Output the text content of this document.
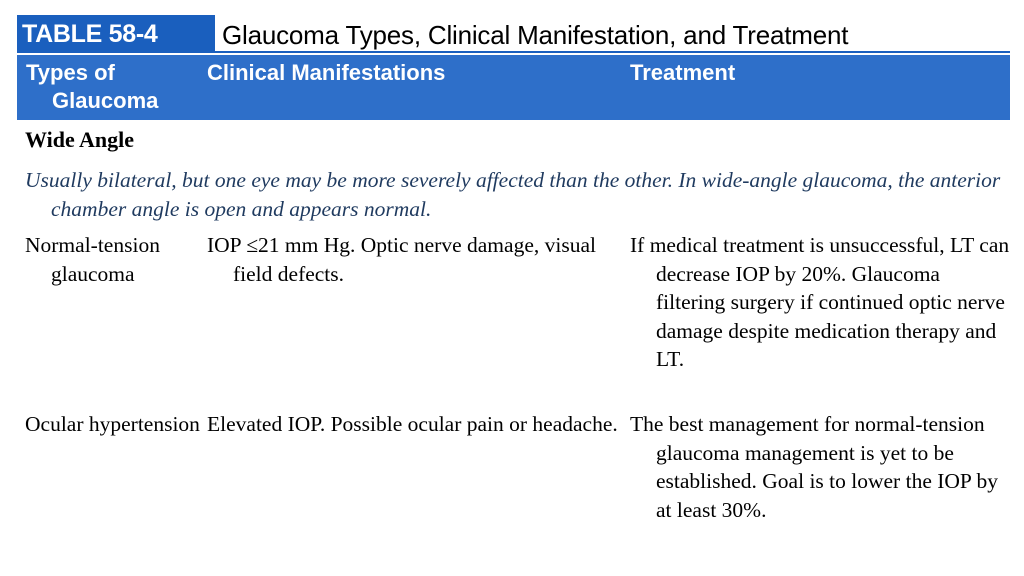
TABLE 58-4	Glaucoma Types, Clinical Manifestation, and Treatment
Types of
Glaucoma
Clinical Manifestations	Treatment
Wide Angle
Usually bilateral, but one eye may be more severely affected than the other. In wide-angle glaucoma, the anterior chamber angle is open and appears normal.
Normal-tension glaucoma
IOP ≤21 mm Hg. Optic nerve damage, visual field defects.
If medical treatment is unsuccessful, LT can decrease IOP by 20%. Glaucoma filtering surgery if continued optic nerve damage despite medication therapy and LT.
Ocular hypertension Elevated IOP. Possible ocular pain or headache. The best management for normal-tension glaucoma management is yet to be established. Goal is to lower the IOP by at least 30%.
